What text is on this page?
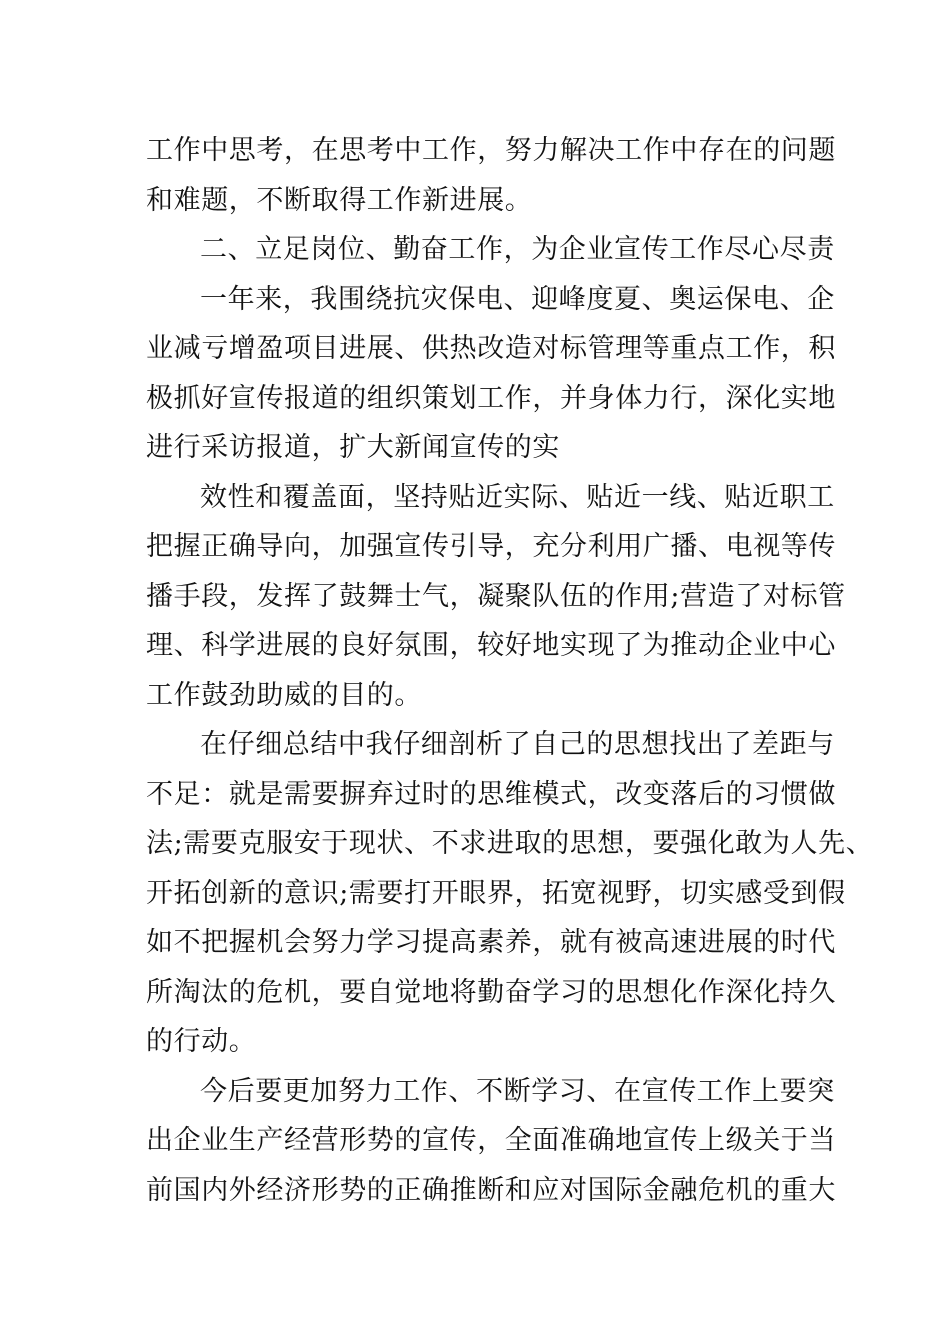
工作中思考，在思考中工作，努力解决工作中存在的问题
和难题，不断取得工作新进展。
二、立足岗位、勤奋工作，为企业宣传工作尽心尽责
一年来，我围绕抗灾保电、迎峰度夏、奥运保电、企
业减亏增盈项目进展、供热改造对标管理等重点工作，积
极抓好宣传报道的组织策划工作，并身体力行，深化实地
进行采访报道，扩大新闻宣传的实
效性和覆盖面，坚持贴近实际、贴近一线、贴近职工
把握正确导向，加强宣传引导，充分利用广播、电视等传
播手段，发挥了鼓舞士气，凝聚队伍的作用;营造了对标管
理、科学进展的良好氛围，较好地实现了为推动企业中心
工作鼓劲助威的目的。
在仔细总结中我仔细剖析了自己的思想找出了差距与
不足：就是需要摒弃过时的思维模式，改变落后的习惯做
法;需要克服安于现状、不求进取的思想，要强化敢为人先、
开拓创新的意识;需要打开眼界，拓宽视野，切实感受到假
如不把握机会努力学习提高素养，就有被高速进展的时代
所淘汰的危机，要自觉地将勤奋学习的思想化作深化持久
的行动。
今后要更加努力工作、不断学习、在宣传工作上要突
出企业生产经营形势的宣传，全面准确地宣传上级关于当
前国内外经济形势的正确推断和应对国际金融危机的重大
